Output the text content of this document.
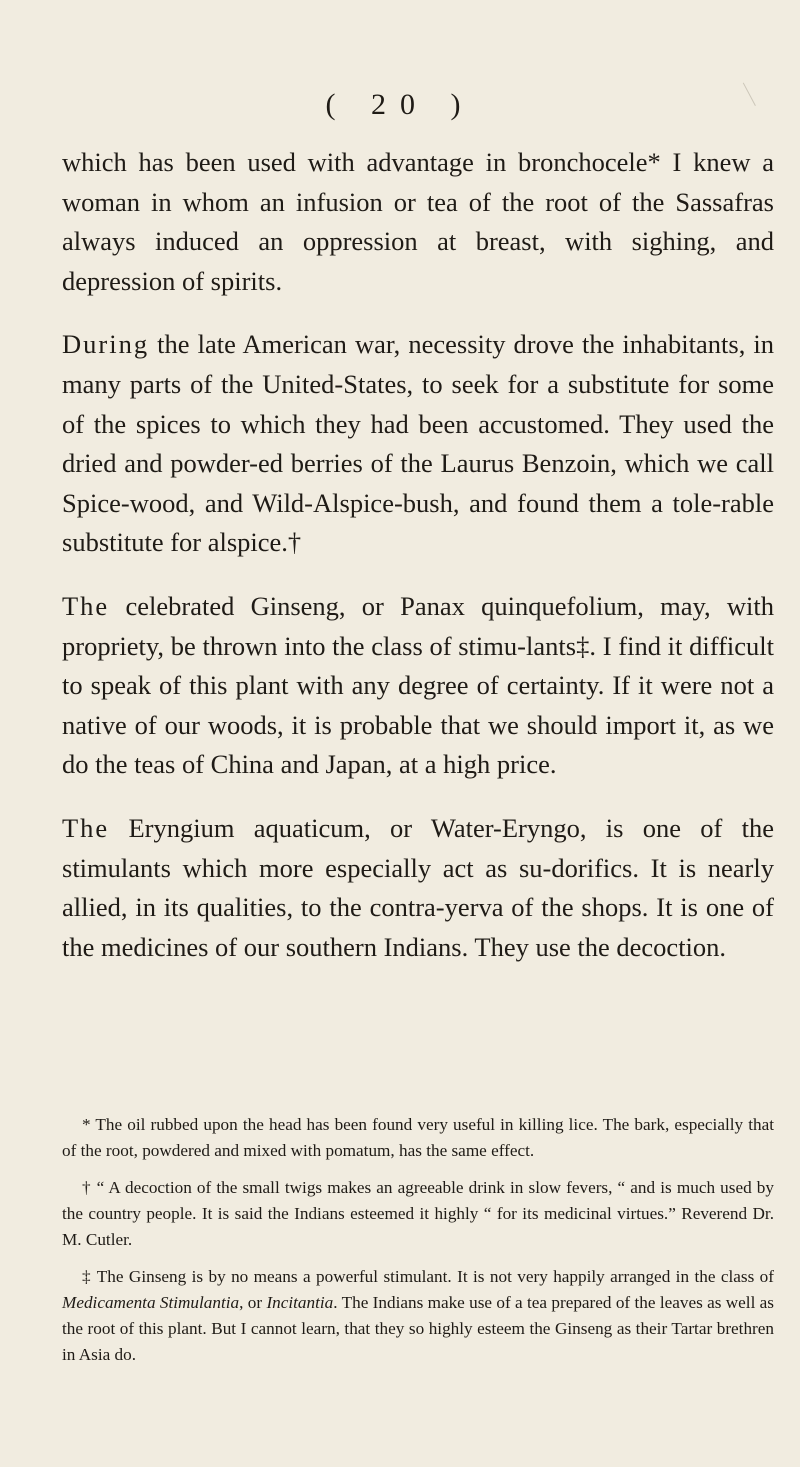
( 20 )

which has been used with advantage in bronchocele* I knew a woman in whom an infusion or tea of the root of the Sassafras always induced an oppression at breast, with sighing, and depression of spirits.

During the late American war, necessity drove the inhabitants, in many parts of the United-States, to seek for a substitute for some of the spices to which they had been accustomed. They used the dried and powder-ed berries of the Laurus Benzoin, which we call Spice-wood, and Wild-Alspice-bush, and found them a tole-rable substitute for alspice.†

The celebrated Ginseng, or Panax quinquefolium, may, with propriety, be thrown into the class of stimu-lants‡. I find it difficult to speak of this plant with any degree of certainty. If it were not a native of our woods, it is probable that we should import it, as we do the teas of China and Japan, at a high price.

The Eryngium aquaticum, or Water-Eryngo, is one of the stimulants which more especially act as su-dorifics. It is nearly allied, in its qualities, to the contra-yerva of the shops. It is one of the medicines of our southern Indians. They use the decoction.

* The oil rubbed upon the head has been found very useful in killing lice. The bark, especially that of the root, powdered and mixed with pomatum, has the same effect.

† “ A decoction of the small twigs makes an agreeable drink in slow fevers, “ and is much used by the country people. It is said the Indians esteemed it highly “ for its medicinal virtues.” Reverend Dr. M. Cutler.

‡ The Ginseng is by no means a powerful stimulant. It is not very happily arranged in the class of Medicamenta Stimulantia, or Incitantia. The Indians make use of a tea prepared of the leaves as well as the root of this plant. But I cannot learn, that they so highly esteem the Ginseng as their Tartar brethren in Asia do.
